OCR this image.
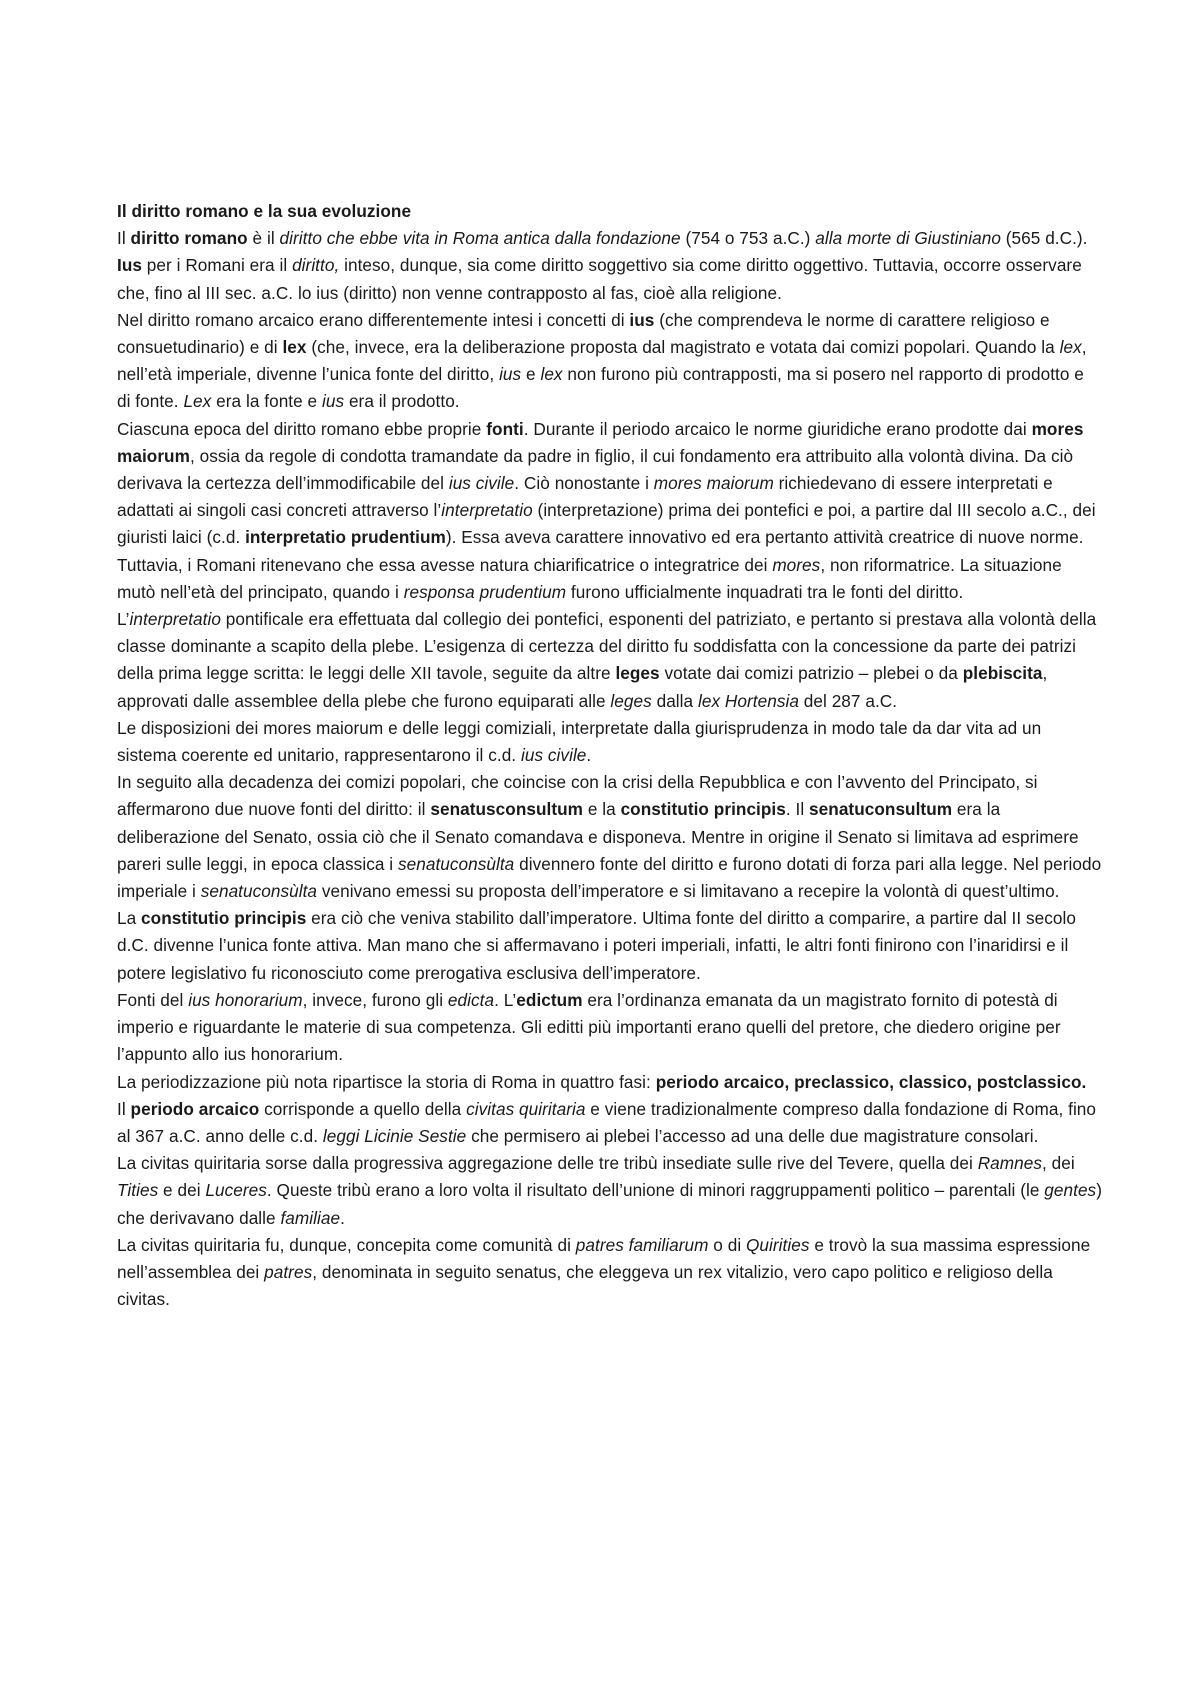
Il diritto romano e la sua evoluzione

Il diritto romano è il diritto che ebbe vita in Roma antica dalla fondazione (754 o 753 a.C.) alla morte di Giustiniano (565 d.C.). Ius per i Romani era il diritto, inteso, dunque, sia come diritto soggettivo sia come diritto oggettivo. Tuttavia, occorre osservare che, fino al III sec. a.C. lo ius (diritto) non venne contrapposto al fas, cioè alla religione.

Nel diritto romano arcaico erano differentemente intesi i concetti di ius (che comprendeva le norme di carattere religioso e consuetudinario) e di lex (che, invece, era la deliberazione proposta dal magistrato e votata dai comizi popolari. Quando la lex, nell’età imperiale, divenne l’unica fonte del diritto, ius e lex non furono più contrapposti, ma si posero nel rapporto di prodotto e di fonte. Lex era la fonte e ius era il prodotto.

Ciascuna epoca del diritto romano ebbe proprie fonti. Durante il periodo arcaico le norme giuridiche erano prodotte dai mores maiorum, ossia da regole di condotta tramandate da padre in figlio, il cui fondamento era attribuito alla volontà divina. Da ciò derivava la certezza dell’immodificabile del ius civile. Ciò nonostante i mores maiorum richiedevano di essere interpretati e adattati ai singoli casi concreti attraverso l’interpretatio (interpretazione) prima dei pontefici e poi, a partire dal III secolo a.C., dei giuristi laici (c.d. interpretatio prudentium). Essa aveva carattere innovativo ed era pertanto attività creatrice di nuove norme. Tuttavia, i Romani ritenevano che essa avesse natura chiarificatrice o integratrice dei mores, non riformatrice. La situazione mutò nell’età del principato, quando i responsa prudentium furono ufficialmente inquadrati tra le fonti del diritto.

L’interpretatio pontificale era effettuata dal collegio dei pontefici, esponenti del patriziato, e pertanto si prestava alla volontà della classe dominante a scapito della plebe. L’esigenza di certezza del diritto fu soddisfatta con la concessione da parte dei patrizi della prima legge scritta: le leggi delle XII tavole, seguite da altre leges votate dai comizi patrizio – plebei o da plebiscita, approvati dalle assemblee della plebe che furono equiparati alle leges dalla lex Hortensia del 287 a.C.

Le disposizioni dei mores maiorum e delle leggi comiziali, interpretate dalla giurisprudenza in modo tale da dar vita ad un sistema coerente ed unitario, rappresentarono il c.d. ius civile.

In seguito alla decadenza dei comizi popolari, che coincise con la crisi della Repubblica e con l’avvento del Principato, si affermarono due nuove fonti del diritto: il senatusconsultum e la constitutio principis. Il senatuconsultum era la deliberazione del Senato, ossia ciò che il Senato comandava e disponeva. Mentre in origine il Senato si limitava ad esprimere pareri sulle leggi, in epoca classica i senatuconsùlta divennero fonte del diritto e furono dotati di forza pari alla legge. Nel periodo imperiale i senatuconsùlta venivano emessi su proposta dell’imperatore e si limitavano a recepire la volontà di quest’ultimo.

La constitutio principis era ciò che veniva stabilito dall’imperatore. Ultima fonte del diritto a comparire, a partire dal II secolo d.C. divenne l’unica fonte attiva. Man mano che si affermavano i poteri imperiali, infatti, le altri fonti finirono con l’inaridirsi e il potere legislativo fu riconosciuto come prerogativa esclusiva dell’imperatore.

Fonti del ius honorarium, invece, furono gli edicta. L’edictum era l’ordinanza emanata da un magistrato fornito di potestà di imperio e riguardante le materie di sua competenza. Gli editti più importanti erano quelli del pretore, che diedero origine per l’appunto allo ius honorarium.

La periodizzazione più nota ripartisce la storia di Roma in quattro fasi: periodo arcaico, preclassico, classico, postclassico.

Il periodo arcaico corrisponde a quello della civitas quiritaria e viene tradizionalmente compreso dalla fondazione di Roma, fino al 367 a.C. anno delle c.d. leggi Licinie Sestie che permisero ai plebei l’accesso ad una delle due magistrature consolari.

La civitas quiritaria sorse dalla progressiva aggregazione delle tre tribù insediate sulle rive del Tevere, quella dei Ramnes, dei Tities e dei Luceres. Queste tribù erano a loro volta il risultato dell’unione di minori raggruppamenti politico – parentali (le gentes) che derivavano dalle familiae.

La civitas quiritaria fu, dunque, concepita come comunità di patres familiarum o di Quirities e trovò la sua massima espressione nell’assemblea dei patres, denominata in seguito senatus, che eleggeva un rex vitalizio, vero capo politico e religioso della civitas.
